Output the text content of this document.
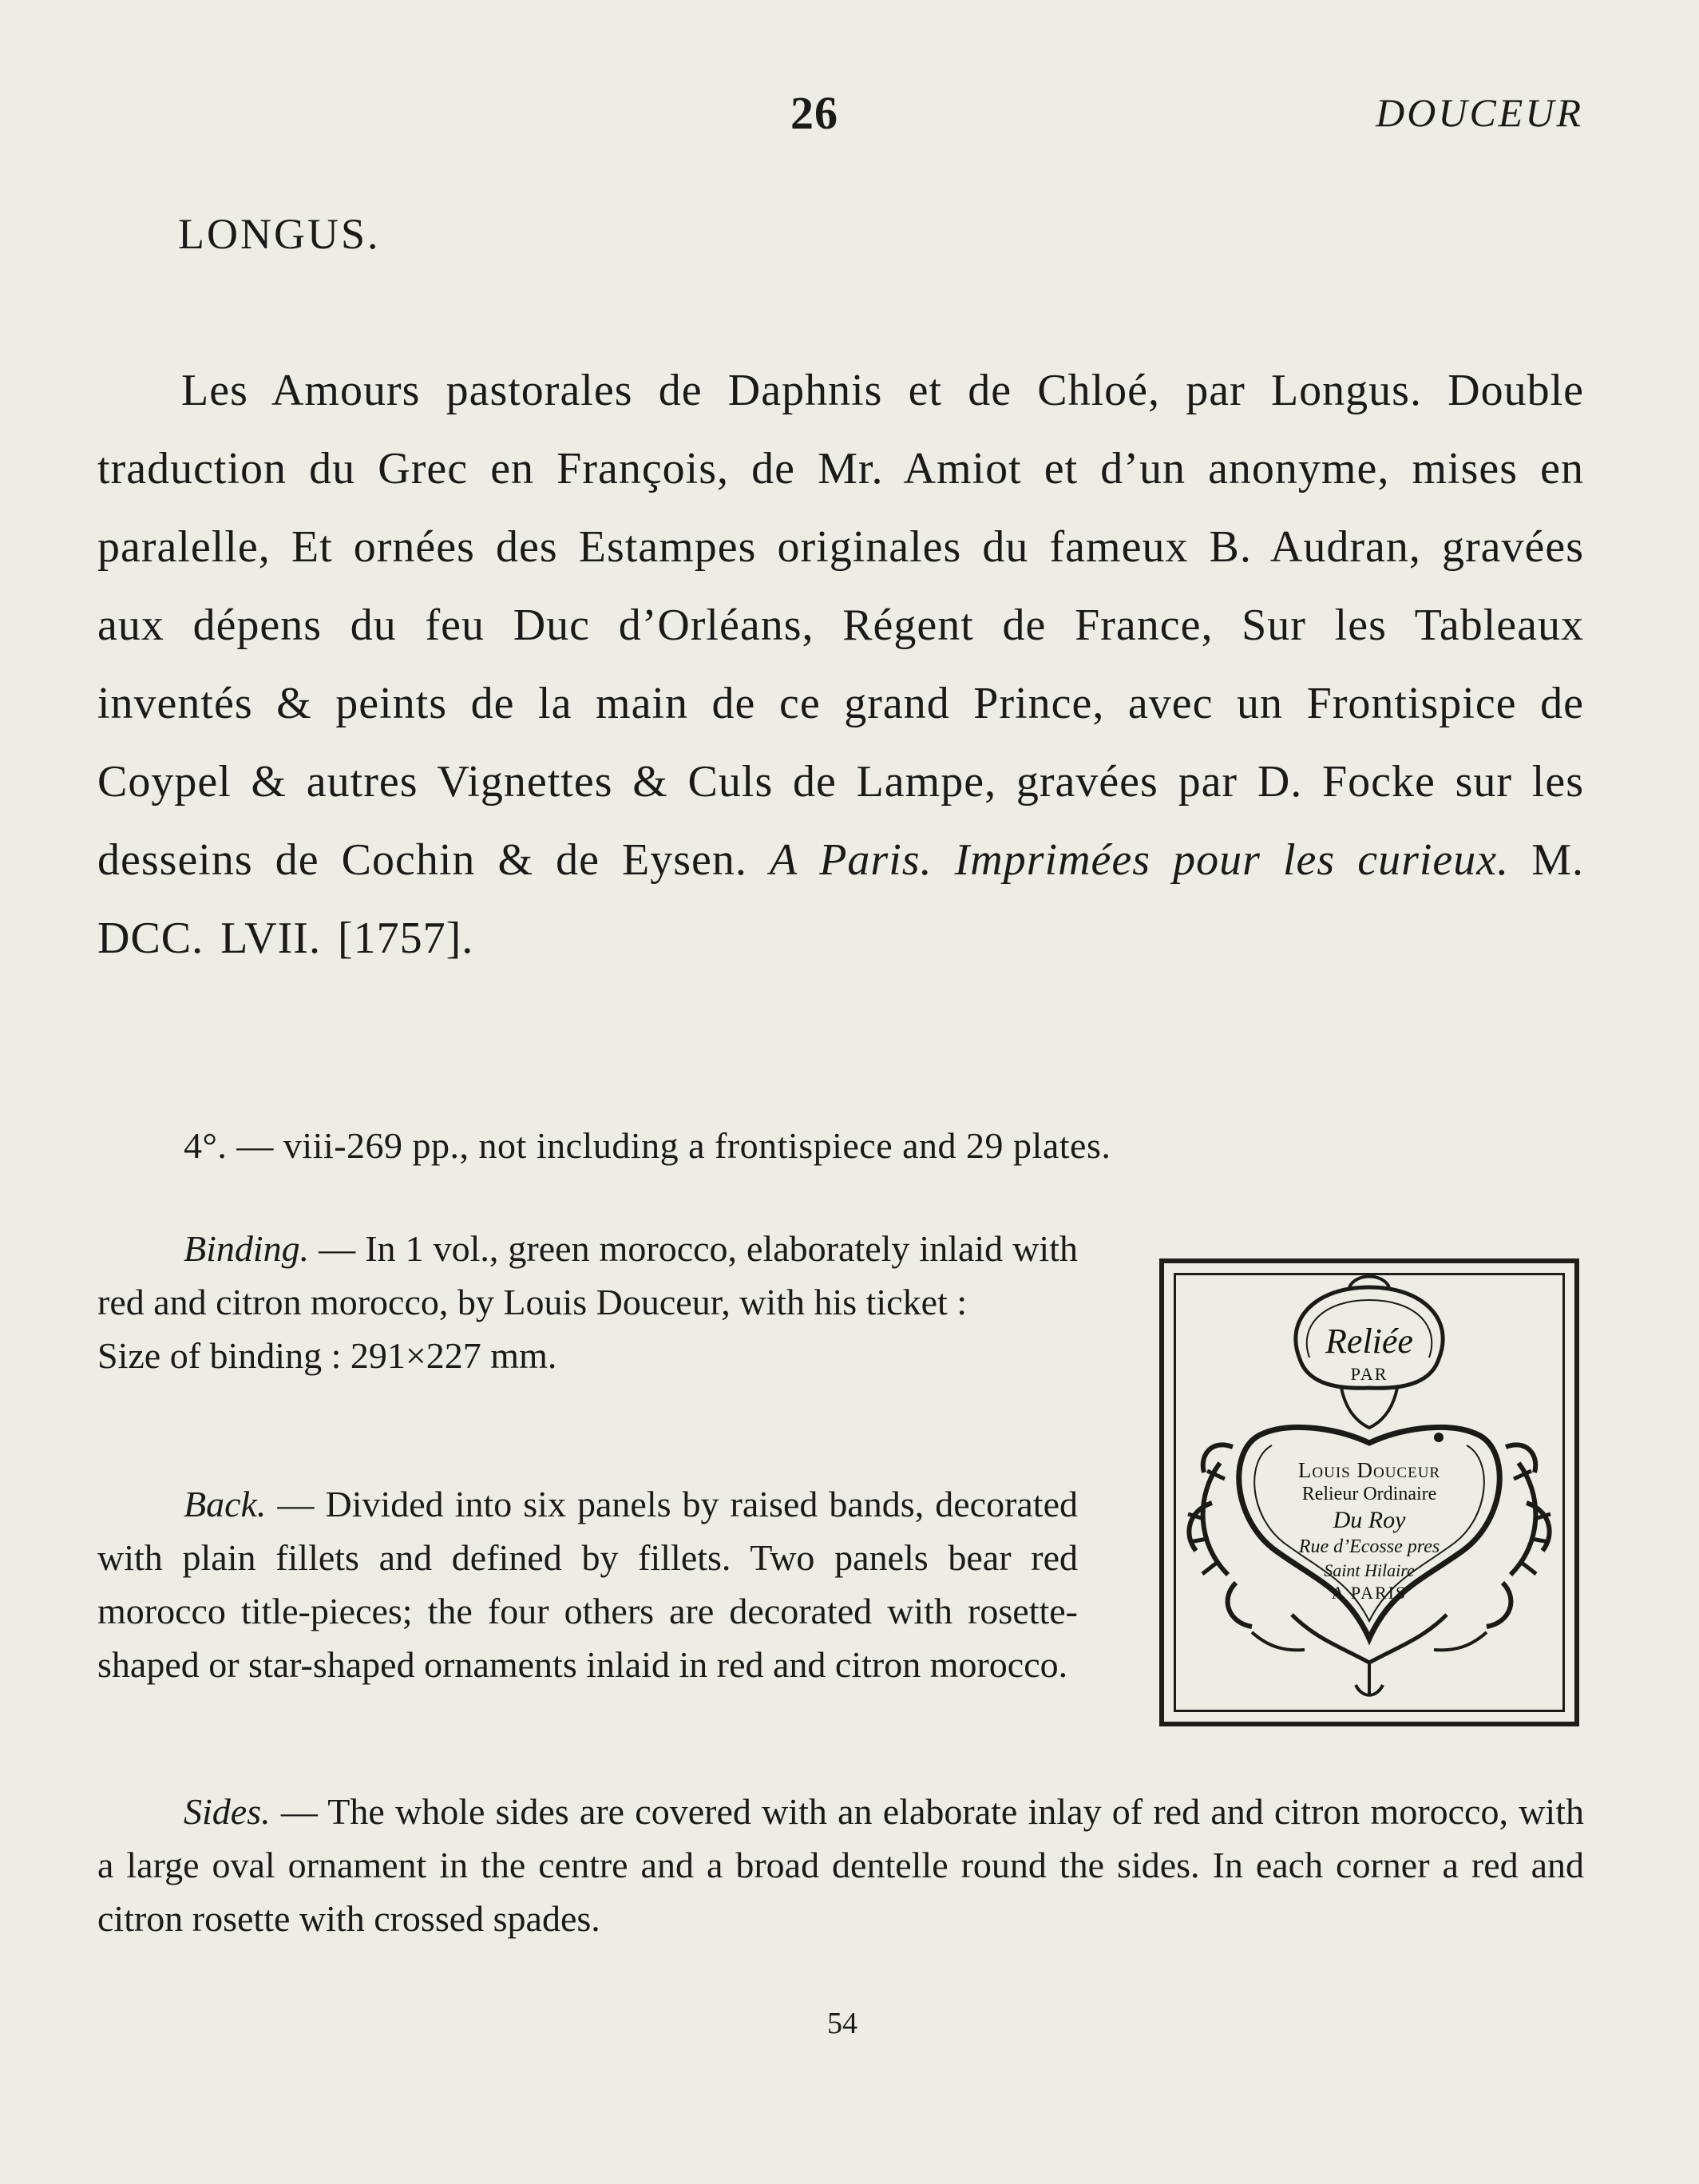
26	DOUCEUR
LONGUS.
Les Amours pastorales de Daphnis et de Chloé, par Longus. Double traduction du Grec en François, de Mr. Amiot et d’un anonyme, mises en paralelle, Et ornées des Estampes originales du fameux B. Audran, gravées aux dépens du feu Duc d’Orléans, Régent de France, Sur les Tableaux inventés & peints de la main de ce grand Prince, avec un Frontispice de Coypel & autres Vignettes & Culs de Lampe, gravées par D. Focke sur les desseins de Cochin & de Eysen. A Paris. Imprimées pour les curieux. M. DCC. LVII. [1757].
4°. — viii-269 pp., not including a frontispiece and 29 plates.

Binding. — In 1 vol., green morocco, elaborately inlaid with red and citron morocco, by Louis Douceur, with his ticket :

Size of binding : 291×227 mm.

Back. — Divided into six panels by raised bands, decorated with plain fillets and defined by fillets. Two panels bear red morocco title-pieces; the four others are decorated with rosette-shaped or star-shaped ornaments inlaid in red and citron morocco.
Reliée
PAR
Louis Douceur
Relieur Ordinaire
Du Roy
Rue d’Ecosse pres
Saint Hilaire
A PARIS
Sides. — The whole sides are covered with an elaborate inlay of red and citron morocco, with a large oval ornament in the centre and a broad dentelle round the sides. In each corner a red and citron rosette with crossed spades.
54
